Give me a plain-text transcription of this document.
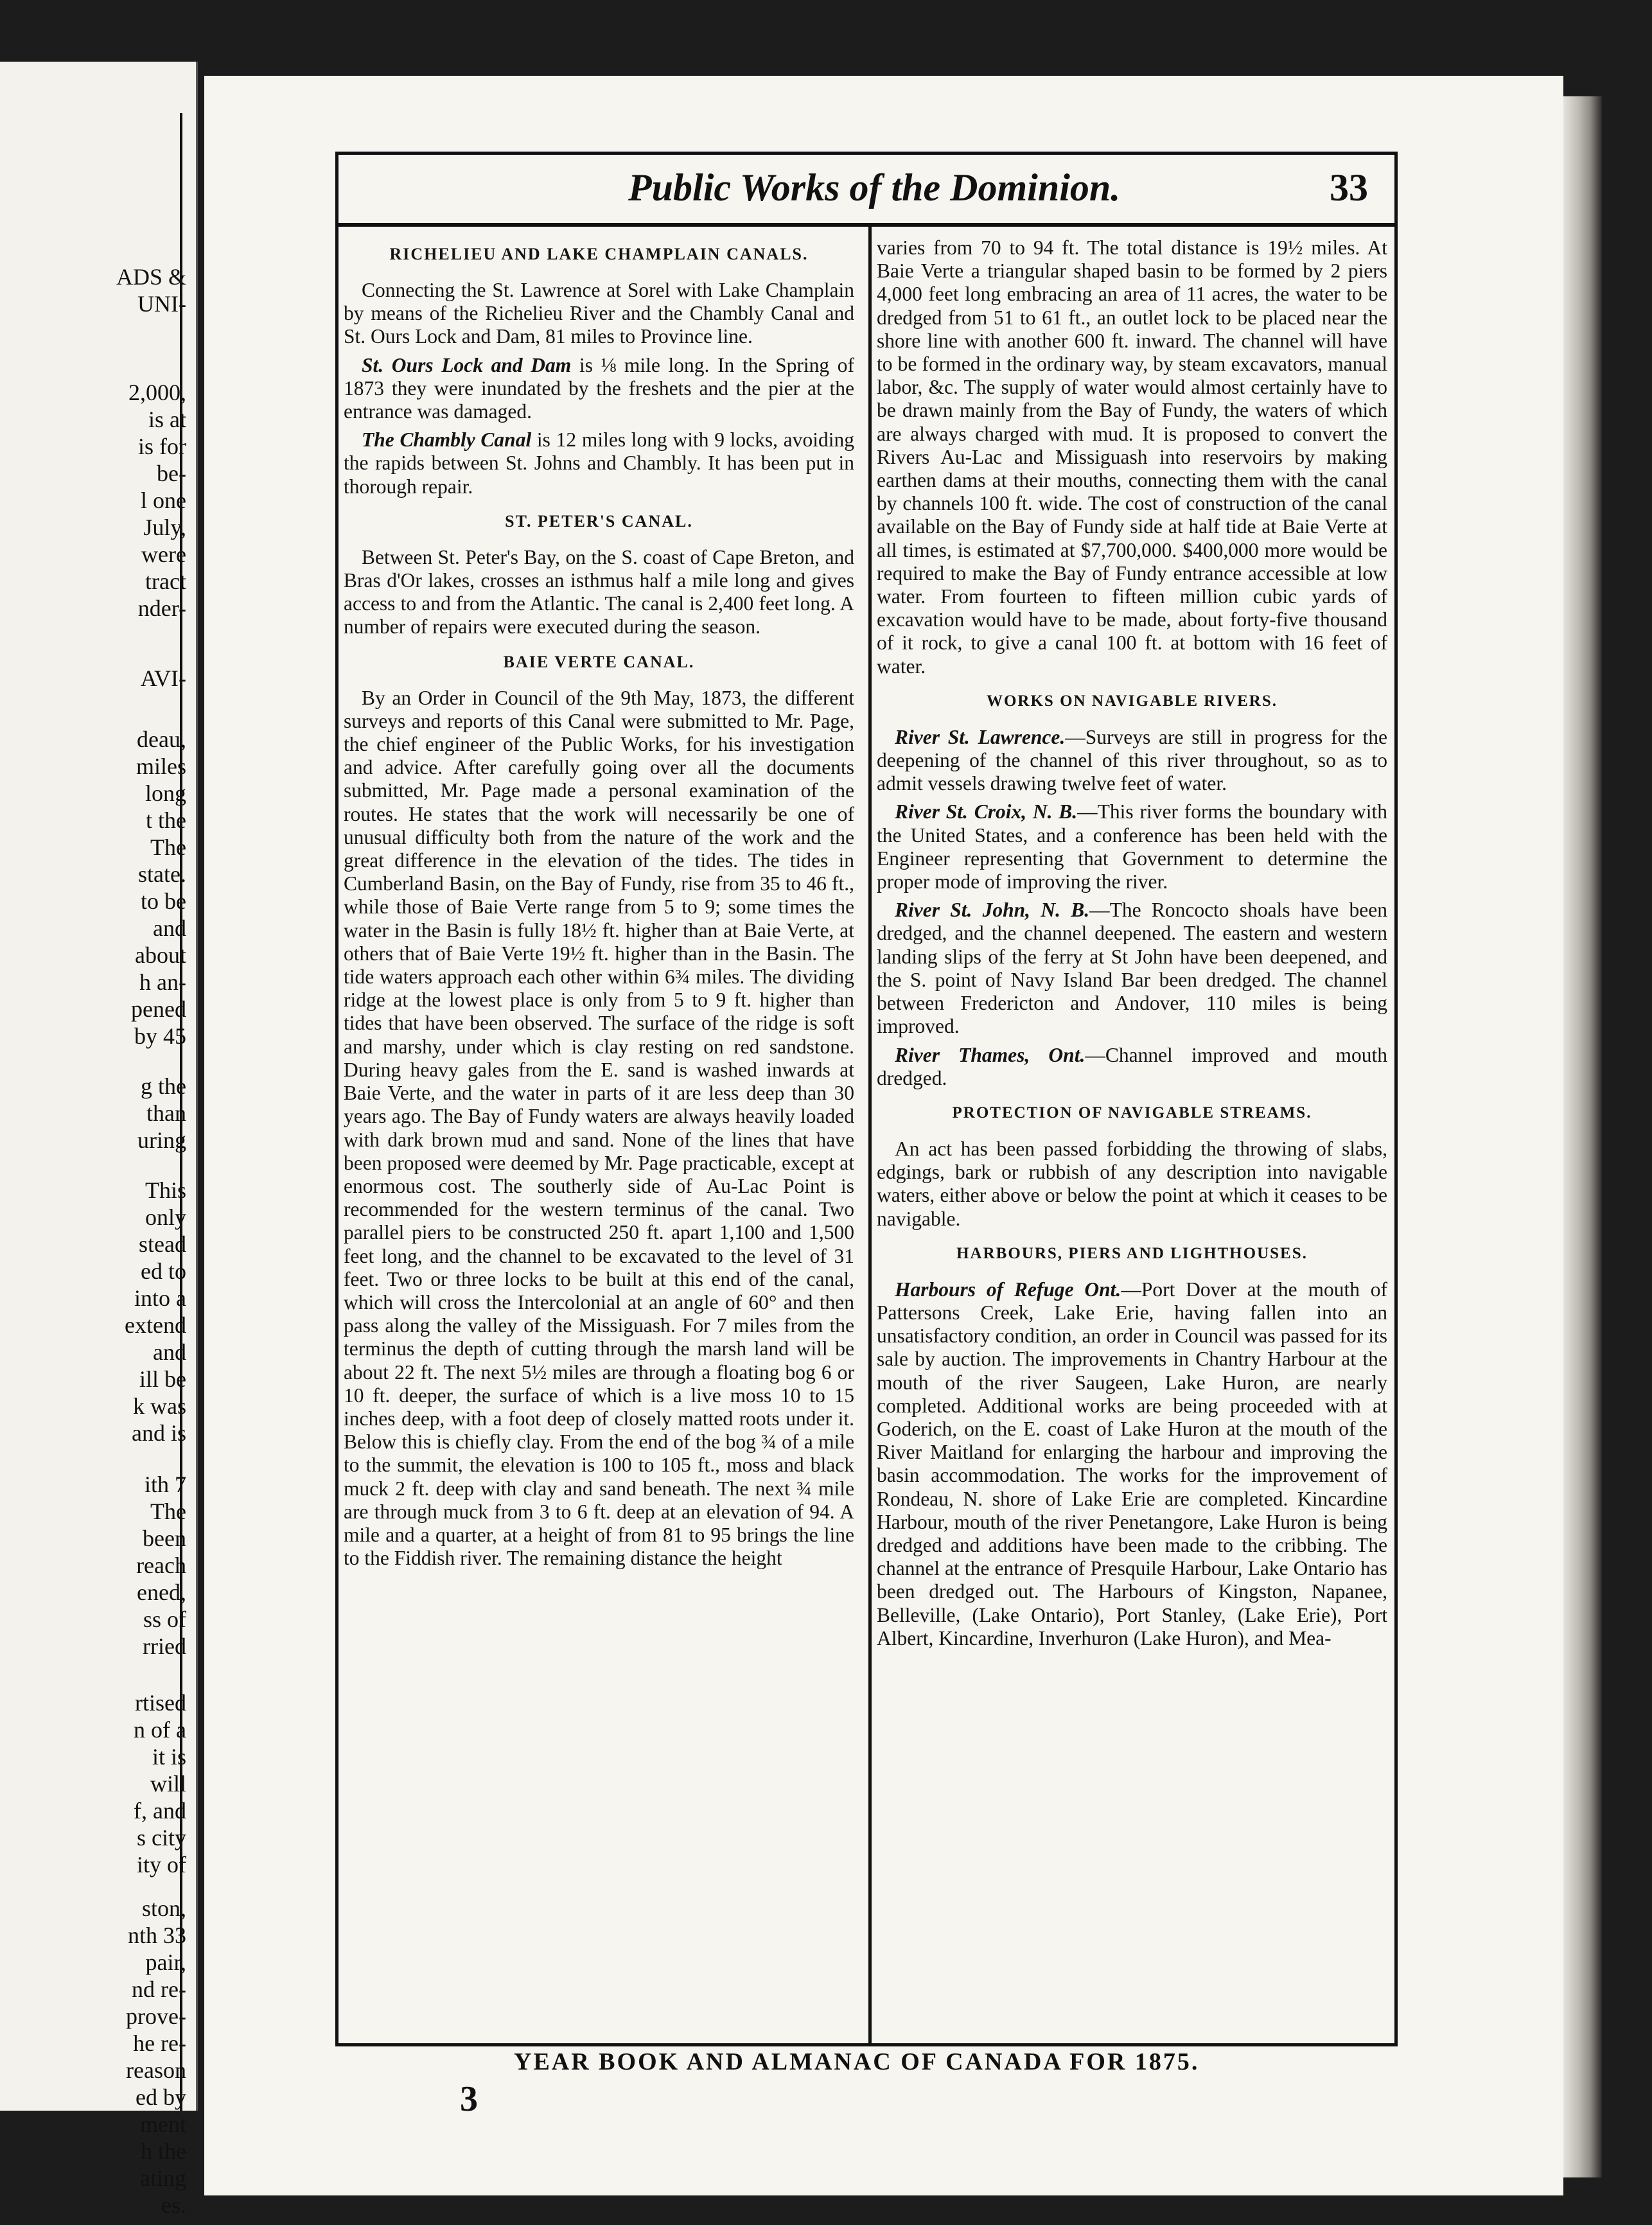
ADS &
UNI-
2,000,
is at
is for
be-
l one
July,
were
tract
nder-
AVI-
deau,
miles
long
t the
The
state.
to be
and
about
h an-
pened
by 45
g the
than
uring
This
only
stead
ed to
into a
extend
and
ill be
k was
and is
ith 7
The
been
reach
ened,
ss of
rried
rtised
n of a
it is
will
f, and
s city
ity of
ston,
nth 33
pair,
nd re-
prove-
he re-
reason
ed by
ment
h the
ating
es.
Public Works of the Dominion.	33
RICHELIEU AND LAKE CHAMPLAIN CANALS.

Connecting the St. Lawrence at Sorel with Lake Champlain by means of the Richelieu River and the Chambly Canal and St. Ours Lock and Dam, 81 miles to Province line.

St. Ours Lock and Dam is ⅛ mile long. In the Spring of 1873 they were inundated by the freshets and the pier at the entrance was damaged.

The Chambly Canal is 12 miles long with 9 locks, avoiding the rapids between St. Johns and Chambly. It has been put in thorough repair.

ST. PETER'S CANAL.

Between St. Peter's Bay, on the S. coast of Cape Breton, and Bras d'Or lakes, crosses an isthmus half a mile long and gives access to and from the Atlantic. The canal is 2,400 feet long. A number of repairs were executed during the season.

BAIE VERTE CANAL.

By an Order in Council of the 9th May, 1873, the different surveys and reports of this Canal were submitted to Mr. Page, the chief engineer of the Public Works, for his investigation and advice. After carefully going over all the documents submitted, Mr. Page made a personal examination of the routes. He states that the work will necessarily be one of unusual difficulty both from the nature of the work and the great difference in the elevation of the tides. The tides in Cumberland Basin, on the Bay of Fundy, rise from 35 to 46 ft., while those of Baie Verte range from 5 to 9; some times the water in the Basin is fully 18½ ft. higher than at Baie Verte, at others that of Baie Verte 19½ ft. higher than in the Basin. The tide waters approach each other within 6¾ miles. The dividing ridge at the lowest place is only from 5 to 9 ft. higher than tides that have been observed. The surface of the ridge is soft and marshy, under which is clay resting on red sandstone. During heavy gales from the E. sand is washed inwards at Baie Verte, and the water in parts of it are less deep than 30 years ago. The Bay of Fundy waters are always heavily loaded with dark brown mud and sand. None of the lines that have been proposed were deemed by Mr. Page practicable, except at enormous cost. The southerly side of Au-Lac Point is recommended for the western terminus of the canal. Two parallel piers to be constructed 250 ft. apart 1,100 and 1,500 feet long, and the channel to be excavated to the level of 31 feet. Two or three locks to be built at this end of the canal, which will cross the Intercolonial at an angle of 60° and then pass along the valley of the Missiguash. For 7 miles from the terminus the depth of cutting through the marsh land will be about 22 ft. The next 5½ miles are through a floating bog 6 or 10 ft. deeper, the surface of which is a live moss 10 to 15 inches deep, with a foot deep of closely matted roots under it. Below this is chiefly clay. From the end of the bog ¾ of a mile to the summit, the elevation is 100 to 105 ft., moss and black muck 2 ft. deep with clay and sand beneath. The next ¾ mile are through muck from 3 to 6 ft. deep at an elevation of 94. A mile and a quarter, at a height of from 81 to 95 brings the line to the Fiddish river. The remaining distance the height

varies from 70 to 94 ft. The total distance is 19½ miles. At Baie Verte a triangular shaped basin to be formed by 2 piers 4,000 feet long embracing an area of 11 acres, the water to be dredged from 51 to 61 ft., an outlet lock to be placed near the shore line with another 600 ft. inward. The channel will have to be formed in the ordinary way, by steam excavators, manual labor, &c. The supply of water would almost certainly have to be drawn mainly from the Bay of Fundy, the waters of which are always charged with mud. It is proposed to convert the Rivers Au-Lac and Missiguash into reservoirs by making earthen dams at their mouths, connecting them with the canal by channels 100 ft. wide. The cost of construction of the canal available on the Bay of Fundy side at half tide at Baie Verte at all times, is estimated at $7,700,000. $400,000 more would be required to make the Bay of Fundy entrance accessible at low water. From fourteen to fifteen million cubic yards of excavation would have to be made, about forty-five thousand of it rock, to give a canal 100 ft. at bottom with 16 feet of water.

WORKS ON NAVIGABLE RIVERS.

River St. Lawrence.—Surveys are still in progress for the deepening of the channel of this river throughout, so as to admit vessels drawing twelve feet of water.

River St. Croix, N. B.—This river forms the boundary with the United States, and a conference has been held with the Engineer representing that Government to determine the proper mode of improving the river.

River St. John, N. B.—The Roncocto shoals have been dredged, and the channel deepened. The eastern and western landing slips of the ferry at St John have been deepened, and the S. point of Navy Island Bar been dredged. The channel between Fredericton and Andover, 110 miles is being improved.

River Thames, Ont.—Channel improved and mouth dredged.

PROTECTION OF NAVIGABLE STREAMS.

An act has been passed forbidding the throwing of slabs, edgings, bark or rubbish of any description into navigable waters, either above or below the point at which it ceases to be navigable.

HARBOURS, PIERS AND LIGHTHOUSES.

Harbours of Refuge Ont.—Port Dover at the mouth of Pattersons Creek, Lake Erie, having fallen into an unsatisfactory condition, an order in Council was passed for its sale by auction. The improvements in Chantry Harbour at the mouth of the river Saugeen, Lake Huron, are nearly completed. Additional works are being proceeded with at Goderich, on the E. coast of Lake Huron at the mouth of the River Maitland for enlarging the harbour and improving the basin accommodation. The works for the improvement of Rondeau, N. shore of Lake Erie are completed. Kincardine Harbour, mouth of the river Penetangore, Lake Huron is being dredged and additions have been made to the cribbing. The channel at the entrance of Presquile Harbour, Lake Ontario has been dredged out. The Harbours of Kingston, Napanee, Belleville, (Lake Ontario), Port Stanley, (Lake Erie), Port Albert, Kincardine, Inverhuron (Lake Huron), and Mea-

YEAR BOOK AND ALMANAC OF CANADA FOR 1875.
3
